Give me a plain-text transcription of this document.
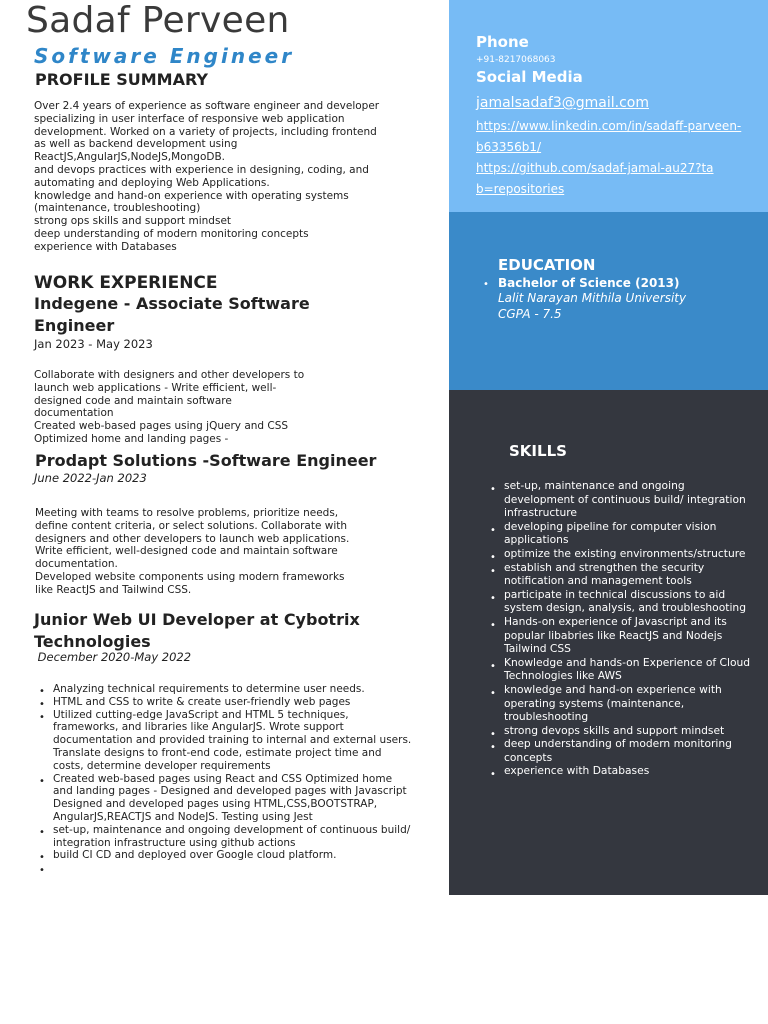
Sadaf Perveen
Software Engineer
PROFILE SUMMARY
Over 2.4 years of experience as software engineer and developer
specializing in user interface of responsive web application
development. Worked on a variety of projects, including frontend
as well as backend development using
ReactJS,AngularJS,NodeJS,MongoDB.
and devops practices with experience in designing, coding, and
automating and deploying Web Applications.
knowledge and hand-on experience with operating systems
(maintenance, troubleshooting)
strong ops skills and support mindset
deep understanding of modern monitoring concepts
experience with Databases
WORK EXPERIENCE
Indegene - Associate Software Engineer
Jan 2023 - May 2023
Collaborate with designers and other developers to
launch web applications - Write efficient, well-
designed code and maintain software
documentation
Created web-based pages using jQuery and CSS
Optimized home and landing pages -
Prodapt Solutions -Software Engineer
June 2022-Jan 2023
Meeting with teams to resolve problems, prioritize needs,
define content criteria, or select solutions. Collaborate with
designers and other developers to launch web applications.
Write efficient, well-designed code and maintain software
documentation.
Developed website components using modern frameworks
like ReactJS and Tailwind CSS.
Junior Web UI Developer at Cybotrix Technologies
December 2020-May 2022
• Analyzing technical requirements to determine user needs.
• HTML and CSS to write & create user-friendly web pages
• Utilized cutting-edge JavaScript and HTML 5 techniques, frameworks, and libraries like AngularJS. Wrote support documentation and provided training to internal and external users. Translate designs to front-end code, estimate project time and costs, determine developer requirements
• Created web-based pages using React and CSS Optimized home and landing pages - Designed and developed pages with Javascript Designed and developed pages using HTML,CSS,BOOTSTRAP, AngularJS,REACTJS and NodeJS. Testing using Jest
• set-up, maintenance and ongoing development of continuous build/ integration infrastructure using github actions
• build CI CD and deployed over Google cloud platform.
•
Phone
+91-8217068063
Social Media
jamalsadaf3@gmail.com
https://www.linkedin.com/in/sadaff-parveen-b63356b1/
https://github.com/sadaf-jamal-au27?tab=repositories
EDUCATION
• Bachelor of Science (2013)
Lalit Narayan Mithila University
CGPA - 7.5
SKILLS
• set-up, maintenance and ongoing development of continuous build/ integration infrastructure
• developing pipeline for computer vision applications
• optimize the existing environments/structure
• establish and strengthen the security notification and management tools
• participate in technical discussions to aid system design, analysis, and troubleshooting
• Hands-on experience of Javascript and its popular libabries like ReactJS and Nodejs Tailwind CSS
• Knowledge and hands-on Experience of Cloud Technologies like AWS
• knowledge and hand-on experience with operating systems (maintenance, troubleshooting
• strong devops skills and support mindset
• deep understanding of modern monitoring concepts
• experience with Databases
